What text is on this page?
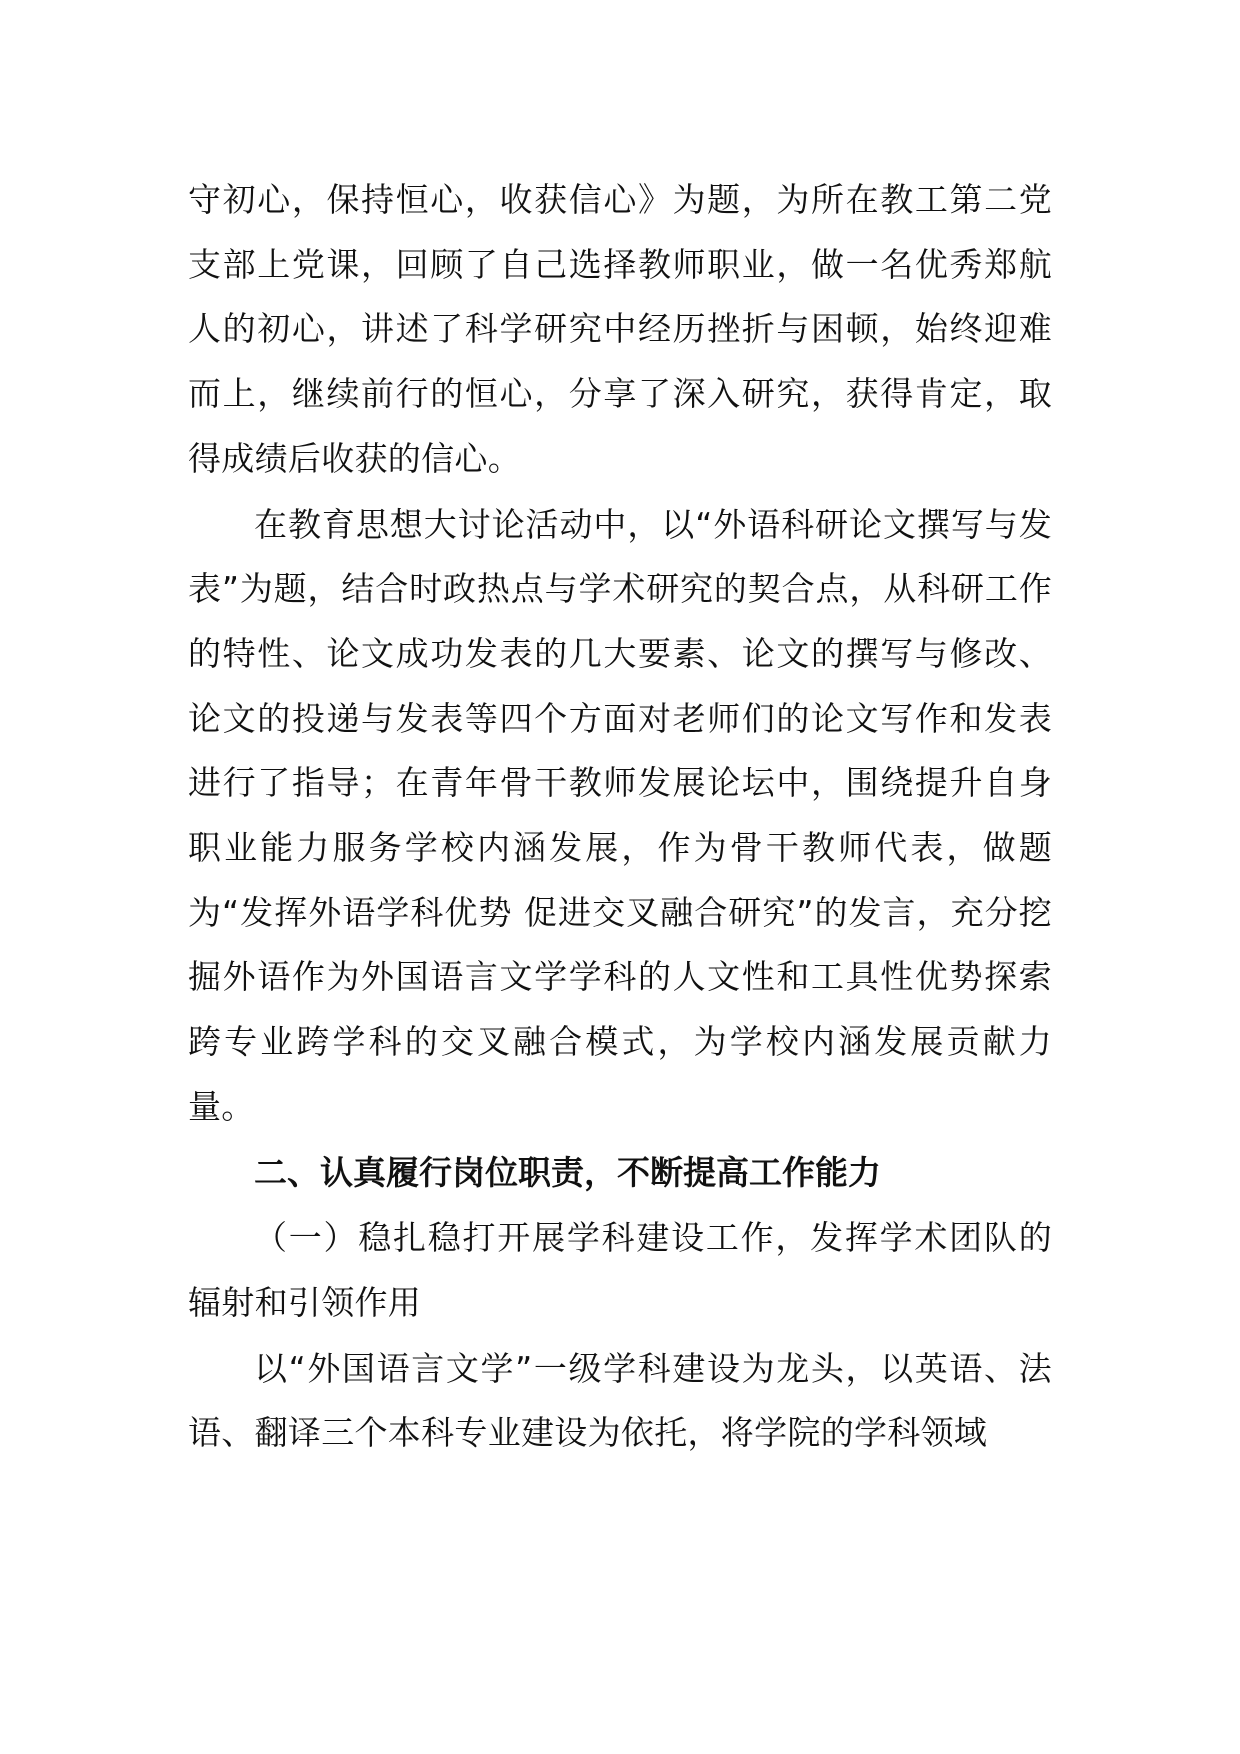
守初心，保持恒心，收获信心》为题，为所在教工第二党支部上党课，回顾了自己选择教师职业，做一名优秀郑航人的初心，讲述了科学研究中经历挫折与困顿，始终迎难而上，继续前行的恒心，分享了深入研究，获得肯定，取得成绩后收获的信心。

在教育思想大讨论活动中，以“外语科研论文撰写与发表”为题，结合时政热点与学术研究的契合点，从科研工作的特性、论文成功发表的几大要素、论文的撰写与修改、论文的投递与发表等四个方面对老师们的论文写作和发表进行了指导；在青年骨干教师发展论坛中，围绕提升自身职业能力服务学校内涵发展，作为骨干教师代表，做题为“发挥外语学科优势 促进交叉融合研究”的发言，充分挖掘外语作为外国语言文学学科的人文性和工具性优势探索跨专业跨学科的交叉融合模式，为学校内涵发展贡献力量。

二、认真履行岗位职责，不断提高工作能力

（一）稳扎稳打开展学科建设工作，发挥学术团队的辐射和引领作用

以“外国语言文学”一级学科建设为龙头，以英语、法语、翻译三个本科专业建设为依托，将学院的学科领域
